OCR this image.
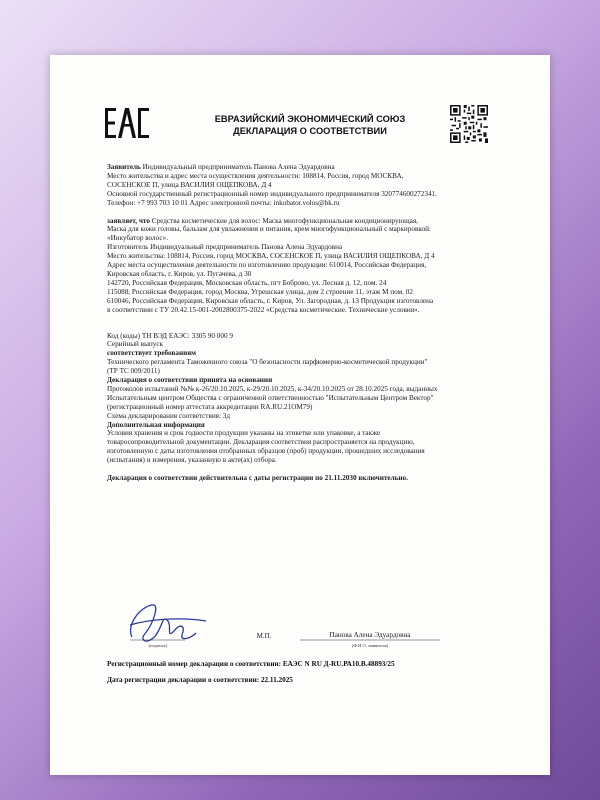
ЕВРАЗИЙСКИЙ ЭКОНОМИЧЕСКИЙ СОЮЗ
ДЕКЛАРАЦИЯ О СООТВЕТСТВИИ

Заявитель Индивидуальный предприниматель Панова Алена Эдуардовна

Место жительства и адрес места осуществления деятельности: 108814, Россия, город МОСКВА,

СОСЕНСКОЕ П, улица ВАСИЛИЯ ОЩЕПКОВА, Д 4

Основной государственный регистрационный номер индивидуального предпринимателя 320774600272341.

Телефон: +7 993 703 10 01 Адрес электронной почты: inkubator.volos@bk.ru

заявляет, что Средства косметические для волос: Маска многофункциональная кондиционирующая,

Маска для кожи головы, бальзам для увлажнения и питания, крем многофункциональный с маркировкой:

«Инкубатор волос».

Изготовитель Индивидуальный предприниматель Панова Алена Эдуардовна

Место жительства: 108814, Россия, город МОСКВА, СОСЕНСКОЕ П, улица ВАСИЛИЯ ОЩЕПКОВА, Д 4

Адрес места осуществления деятельности по изготовлению продукции: 610014, Российская Федерация,

Кировская область, г. Киров, ул. Пугачева, д 30

142720, Российская Федерация, Московская область, пгт Боброво, ул. Лесная д. 12, пом. 24

115088, Российская Федерация, город Москва, Угрешская улица, дом 2 строение 11, этаж М пом. 02

610046, Российская Федерация, Кировская область, г. Киров, Ул. Загородная, д. 13 Продукция изготовлена

в соответствии с ТУ 20.42.15-001-2002800375-2022 «Средства косметические. Технические условия».

Код (коды) ТН ВЭД ЕАЭС: 3305 90 000 9

Серийный выпуск

соответствует требованиям

Технического регламента Таможенного союза "О безопасности парфюмерно-косметической продукции"

(ТР ТС 009/2011)

Декларация о соответствии принята на основании

Протоколов испытаний №№ к-26/20.10.2025, к-29/20.10.2025, к-34/20.10.2025 от 28.10.2025 года, выданных

Испытательным центром Общества с ограниченной ответственностью "Испытательным Центром Вектор"

(регистрационный номер аттестата аккредитации RA.RU.21ОМ79)

Схема декларирования соответствия: 3д

Дополнительная информация

Условия хранения и срок годности продукции указаны на этикетке или упаковке, а также

товаросопроводительной документации. Декларация соответствия распространяется на продукцию,

изготовленную с даты изготовления отобранных образцов (проб) продукции, прошедших исследования

(испытания) и измерения, указанную в акте(ах) отбора.

Декларация о соответствии действительна с даты регистрации по 21.11.2030 включительно.

(подпись)
М.П.	Панова Алена Эдуардовна
(Ф.И.О. заявителя)
Регистрационный номер декларации о соответствии: ЕАЭС N RU Д-RU.РА10.В.48893/25
Дата регистрации декларации о соответствии: 22.11.2025
